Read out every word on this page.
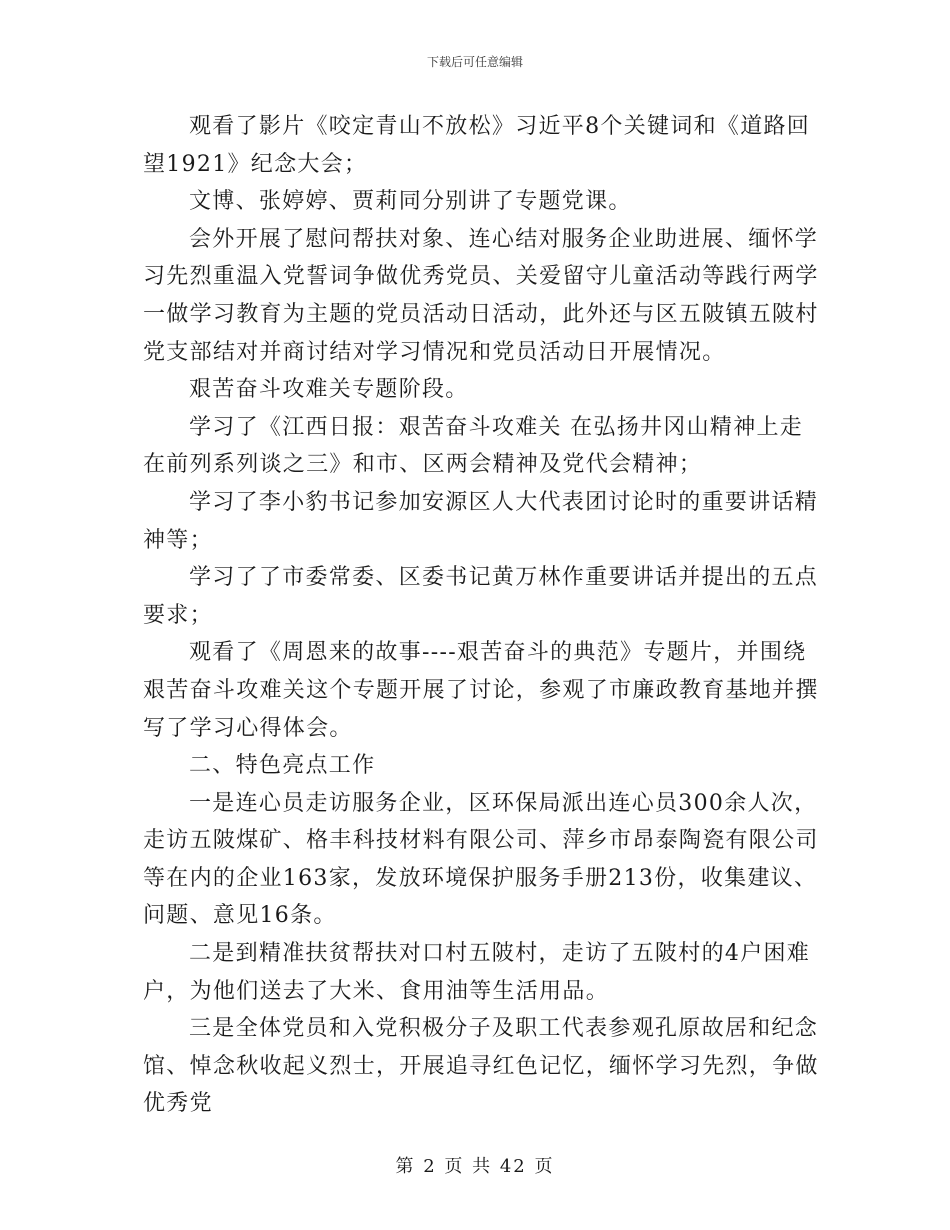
下载后可任意编辑

观看了影片《咬定青山不放松》习近平8个关键词和《道路回望1921》纪念大会；

文博、张婷婷、贾莉同分别讲了专题党课。

会外开展了慰问帮扶对象、连心结对服务企业助进展、缅怀学习先烈重温入党誓词争做优秀党员、关爱留守儿童活动等践行两学一做学习教育为主题的党员活动日活动，此外还与区五陂镇五陂村党支部结对并商讨结对学习情况和党员活动日开展情况。

艰苦奋斗攻难关专题阶段。

学习了《江西日报：艰苦奋斗攻难关 在弘扬井冈山精神上走在前列系列谈之三》和市、区两会精神及党代会精神；

学习了李小豹书记参加安源区人大代表团讨论时的重要讲话精神等；

学习了了市委常委、区委书记黄万林作重要讲话并提出的五点要求；

观看了《周恩来的故事----艰苦奋斗的典范》专题片，并围绕艰苦奋斗攻难关这个专题开展了讨论，参观了市廉政教育基地并撰写了学习心得体会。

二、特色亮点工作

一是连心员走访服务企业，区环保局派出连心员300余人次，走访五陂煤矿、格丰科技材料有限公司、萍乡市昂泰陶瓷有限公司等在内的企业163家，发放环境保护服务手册213份，收集建议、问题、意见16条。

二是到精准扶贫帮扶对口村五陂村，走访了五陂村的4户困难户，为他们送去了大米、食用油等生活用品。

三是全体党员和入党积极分子及职工代表参观孔原故居和纪念馆、悼念秋收起义烈士，开展追寻红色记忆，缅怀学习先烈，争做优秀党

第 2 页 共 42 页
